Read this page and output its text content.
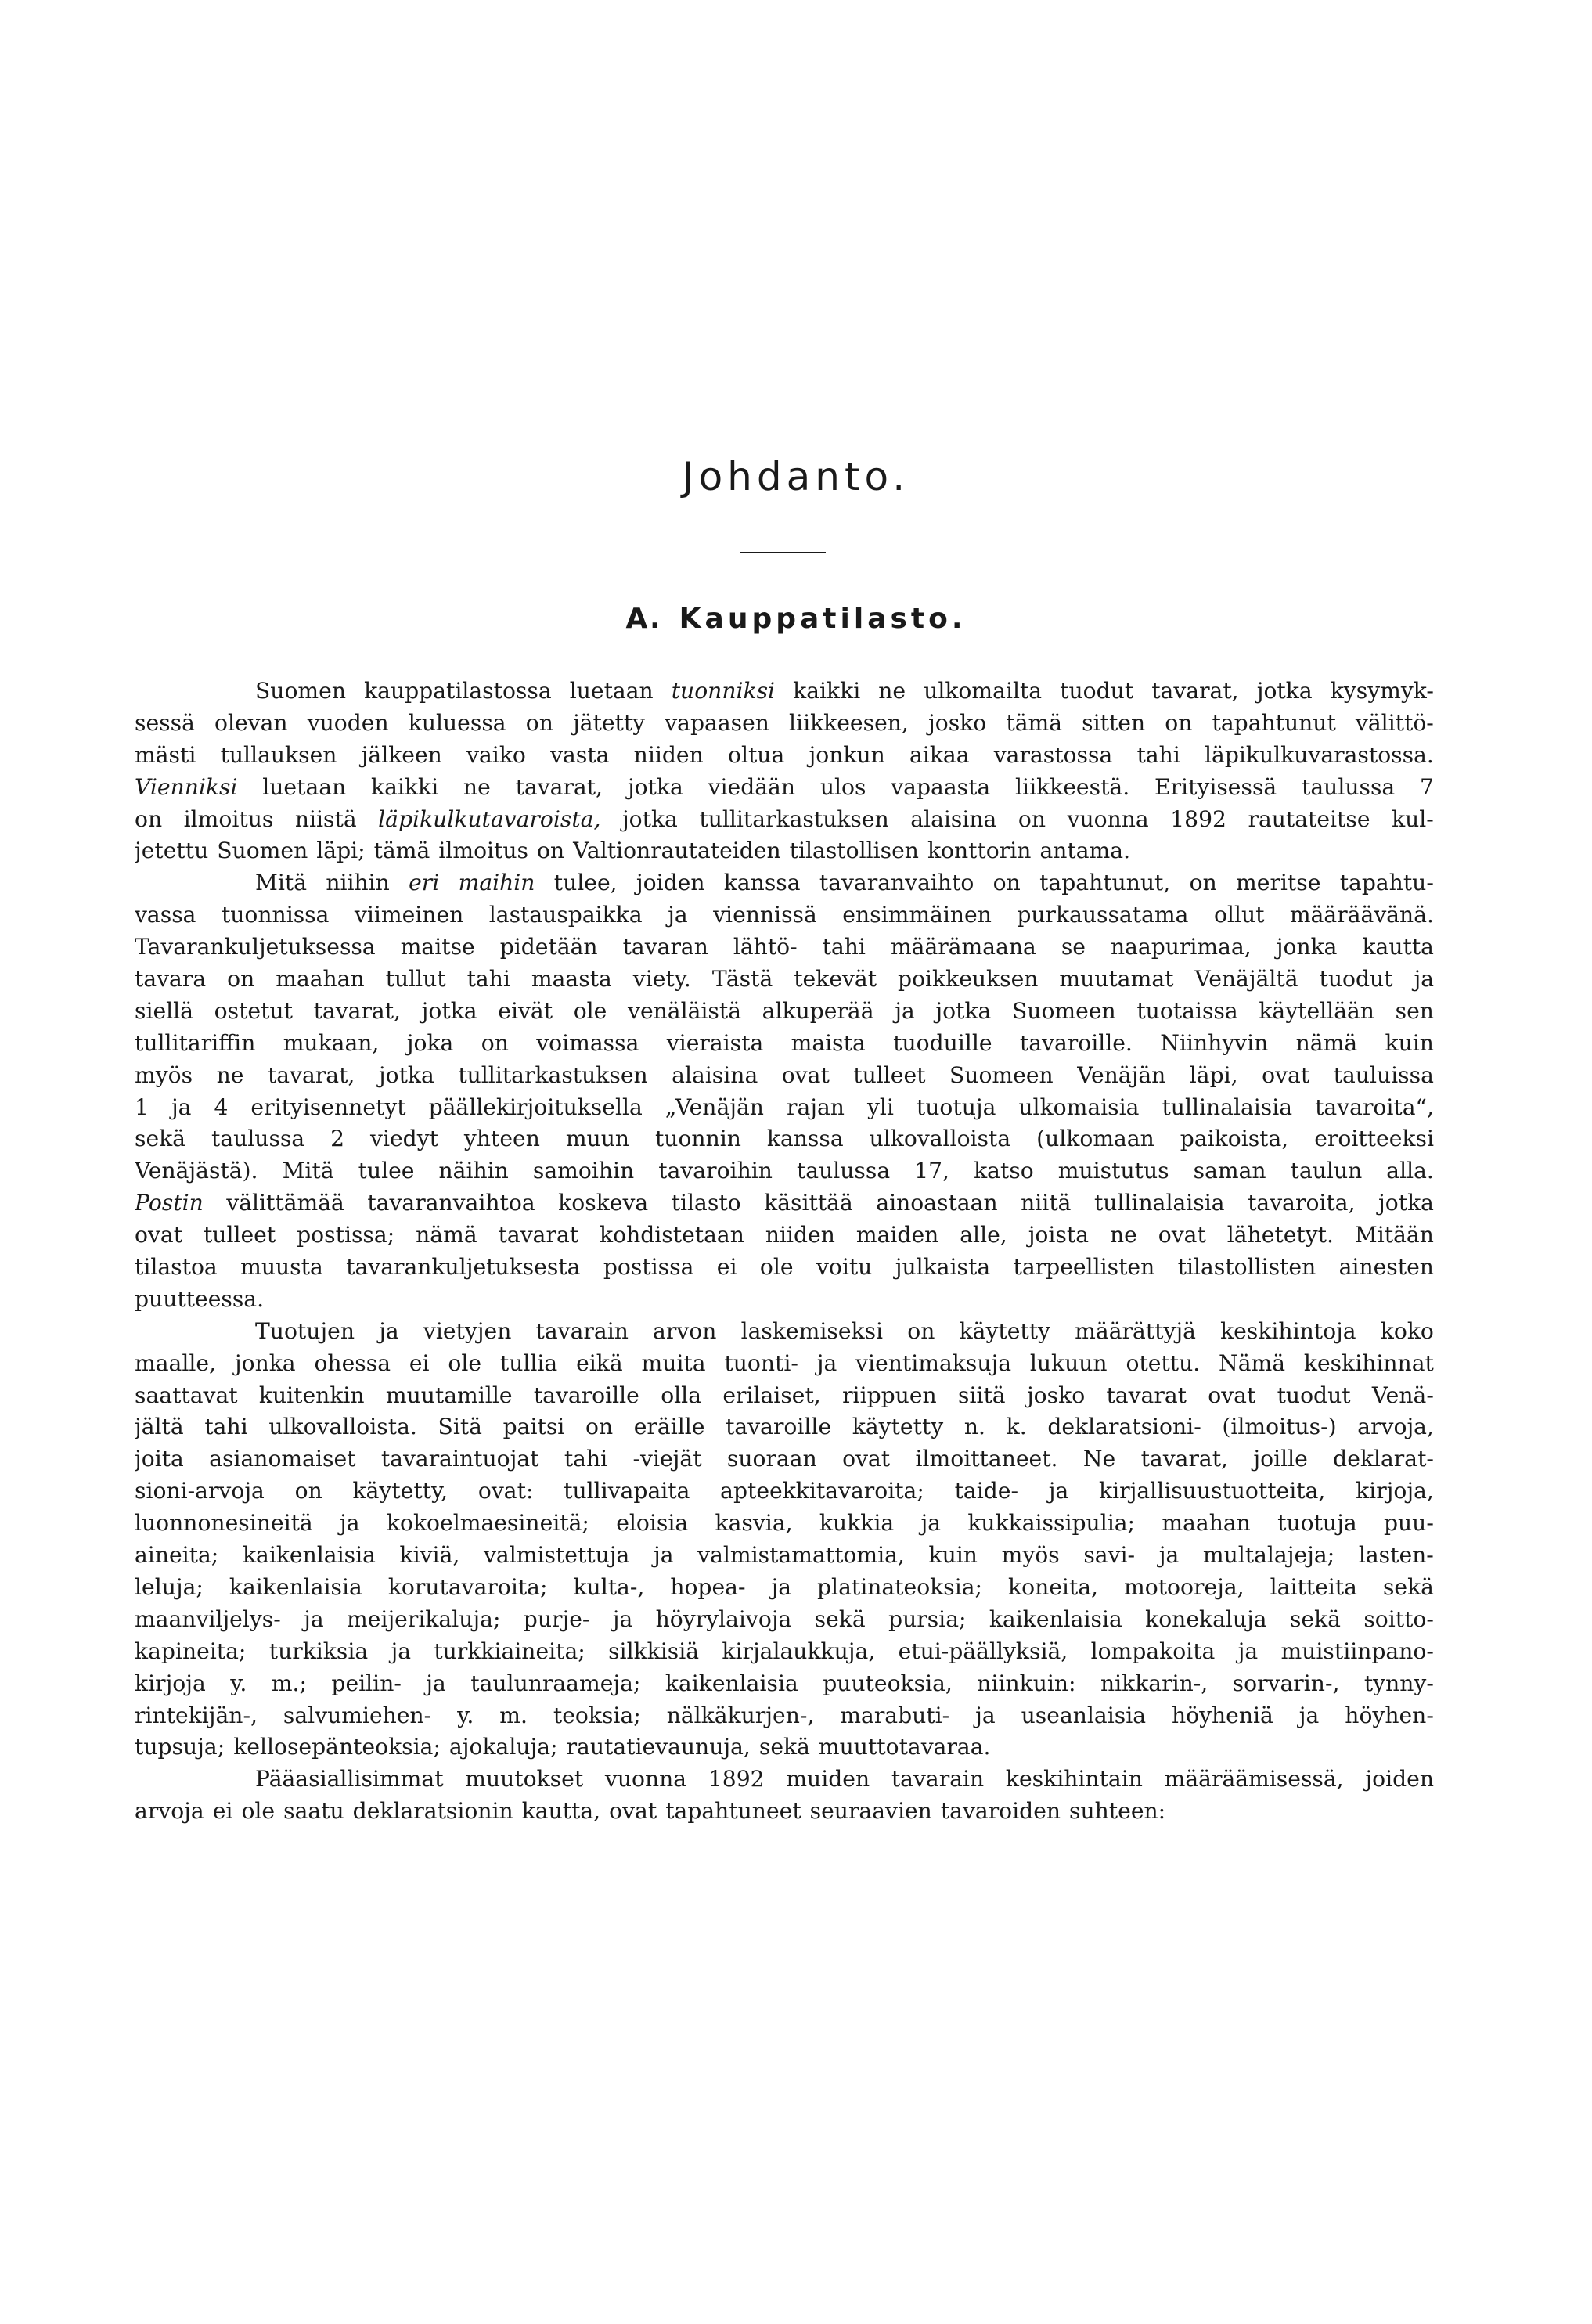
Johdanto.
A. Kauppatilasto.
Suomen kauppatilastossa luetaan tuonniksi kaikki ne ulkomailta tuodut tavarat, jotka kysymyk-
sessä olevan vuoden kuluessa on jätetty vapaasen liikkeesen, josko tämä sitten on tapahtunut välittö-
mästi tullauksen jälkeen vaiko vasta niiden oltua jonkun aikaa varastossa tahi läpikulkuvarastossa.
Vienniksi luetaan kaikki ne tavarat, jotka viedään ulos vapaasta liikkeestä. Erityisessä taulussa 7
on ilmoitus niistä läpikulkutavaroista, jotka tullitarkastuksen alaisina on vuonna 1892 rautateitse kul-
jetettu Suomen läpi; tämä ilmoitus on Valtionrautateiden tilastollisen konttorin antama.
Mitä niihin eri maihin tulee, joiden kanssa tavaranvaihto on tapahtunut, on meritse tapahtu-
vassa tuonnissa viimeinen lastauspaikka ja viennissä ensimmäinen purkaussatama ollut määräävänä.
Tavarankuljetuksessa maitse pidetään tavaran lähtö- tahi määrämaana se naapurimaa, jonka kautta
tavara on maahan tullut tahi maasta viety. Tästä tekevät poikkeuksen muutamat Venäjältä tuodut ja
siellä ostetut tavarat, jotka eivät ole venäläistä alkuperää ja jotka Suomeen tuotaissa käytellään sen
tullitariffin mukaan, joka on voimassa vieraista maista tuoduille tavaroille. Niinhyvin nämä kuin
myös ne tavarat, jotka tullitarkastuksen alaisina ovat tulleet Suomeen Venäjän läpi, ovat tauluissa
1 ja 4 erityisennetyt päällekirjoituksella „Venäjän rajan yli tuotuja ulkomaisia tullinalaisia tavaroita“,
sekä taulussa 2 viedyt yhteen muun tuonnin kanssa ulkovalloista (ulkomaan paikoista, eroitteeksi
Venäjästä). Mitä tulee näihin samoihin tavaroihin taulussa 17, katso muistutus saman taulun alla.
Postin välittämää tavaranvaihtoa koskeva tilasto käsittää ainoastaan niitä tullinalaisia tavaroita, jotka
ovat tulleet postissa; nämä tavarat kohdistetaan niiden maiden alle, joista ne ovat lähetetyt. Mitään
tilastoa muusta tavarankuljetuksesta postissa ei ole voitu julkaista tarpeellisten tilastollisten ainesten
puutteessa.
Tuotujen ja vietyjen tavarain arvon laskemiseksi on käytetty määrättyjä keskihintoja koko
maalle, jonka ohessa ei ole tullia eikä muita tuonti- ja vientimaksuja lukuun otettu. Nämä keskihinnat
saattavat kuitenkin muutamille tavaroille olla erilaiset, riippuen siitä josko tavarat ovat tuodut Venä-
jältä tahi ulkovalloista. Sitä paitsi on eräille tavaroille käytetty n. k. deklaratsioni- (ilmoitus-) arvoja,
joita asianomaiset tavaraintuojat tahi -viejät suoraan ovat ilmoittaneet. Ne tavarat, joille deklarat-
sioni-arvoja on käytetty, ovat: tullivapaita apteekkitavaroita; taide- ja kirjallisuustuotteita, kirjoja,
luonnonesineitä ja kokoelmaesineitä; eloisia kasvia, kukkia ja kukkaissipulia; maahan tuotuja puu-
aineita; kaikenlaisia kiviä, valmistettuja ja valmistamattomia, kuin myös savi- ja multalajeja; lasten-
leluja; kaikenlaisia korutavaroita; kulta-, hopea- ja platinateoksia; koneita, motooreja, laitteita sekä
maanviljelys- ja meijerikaluja; purje- ja höyrylaivoja sekä pursia; kaikenlaisia konekaluja sekä soitto-
kapineita; turkiksia ja turkkiaineita; silkkisiä kirjalaukkuja, etui-päällyksiä, lompakoita ja muistiinpano-
kirjoja y. m.; peilin- ja taulunraameja; kaikenlaisia puuteoksia, niinkuin: nikkarin-, sorvarin-, tynny-
rintekijän-, salvumiehen- y. m. teoksia; nälkäkurjen-, marabuti- ja useanlaisia höyheniä ja höyhen-
tupsuja; kellosepänteoksia; ajokaluja; rautatievaunuja, sekä muuttotavaraa.
Pääasiallisimmat muutokset vuonna 1892 muiden tavarain keskihintain määräämisessä, joiden
arvoja ei ole saatu deklaratsionin kautta, ovat tapahtuneet seuraavien tavaroiden suhteen:
